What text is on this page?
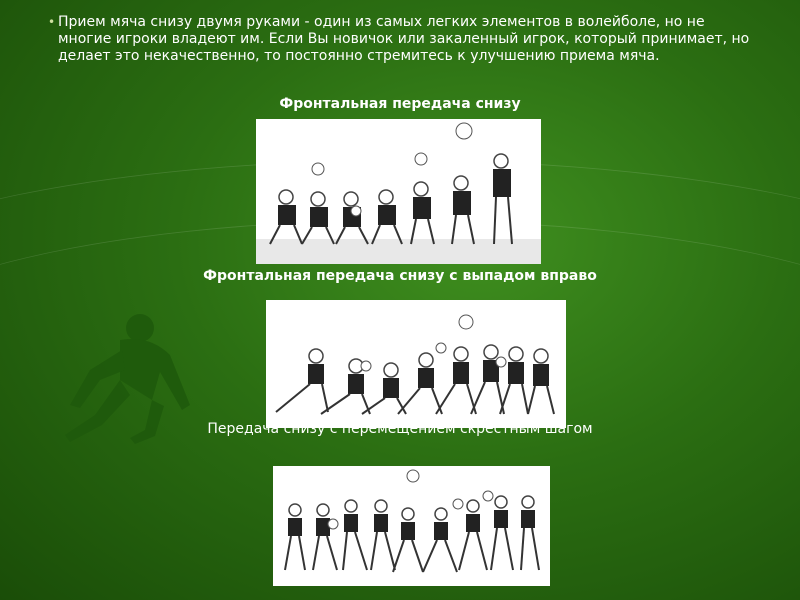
• Прием мяча снизу двумя руками - один из самых легких элементов в волейболе, но не многие игроки владеют им. Если Вы новичок или закаленный игрок, который принимает, но делает это некачественно, то постоянно стремитесь к улучшению приема мяча.
Фронтальная передача снизу
Фронтальная передача снизу с выпадом вправо
Передача снизу с перемещением скрестным шагом
